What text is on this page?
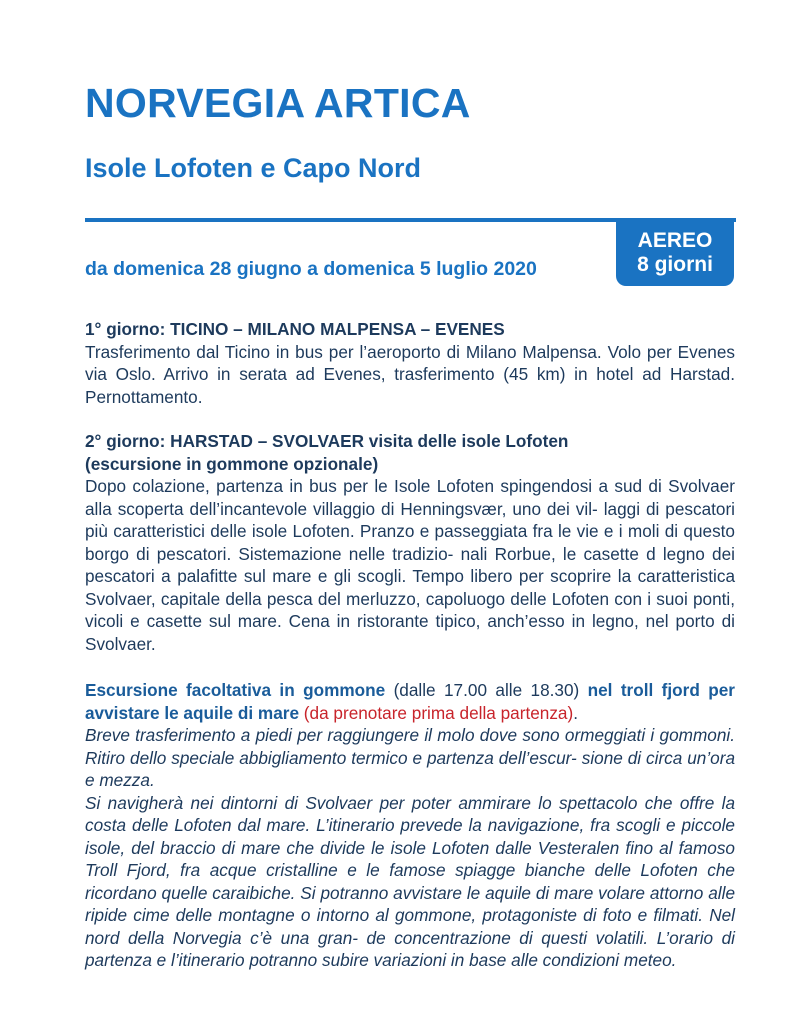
NORVEGIA ARTICA
Isole Lofoten e Capo Nord
AEREO
8 giorni
da domenica 28 giugno a domenica 5 luglio 2020

1° giorno: TICINO – MILANO MALPENSA – EVENES

Trasferimento dal Ticino in bus per l’aeroporto di Milano Malpensa. Volo per Evenes via Oslo. Arrivo in serata ad Evenes, trasferimento (45 km) in hotel ad Harstad. Pernottamento.

2° giorno: HARSTAD – SVOLVAER visita delle isole Lofoten
(escursione in gommone opzionale)

Dopo colazione, partenza in bus per le Isole Lofoten spingendosi a sud di Svolvaer alla scoperta dell’incantevole villaggio di Henningsvær, uno dei vil- laggi di pescatori più caratteristici delle isole Lofoten. Pranzo e passeggiata fra le vie e i moli di questo borgo di pescatori. Sistemazione nelle tradizio- nali Rorbue, le casette d legno dei pescatori a palafitte sul mare e gli scogli. Tempo libero per scoprire la caratteristica Svolvaer, capitale della pesca del merluzzo, capoluogo delle Lofoten con i suoi ponti, vicoli e casette sul mare. Cena in ristorante tipico, anch’esso in legno, nel porto di Svolvaer.

Escursione facoltativa in gommone (dalle 17.00 alle 18.30) nel troll fjord per avvistare le aquile di mare (da prenotare prima della partenza).

Breve trasferimento a piedi per raggiungere il molo dove sono ormeggiati i gommoni. Ritiro dello speciale abbigliamento termico e partenza dell’escur- sione di circa un’ora e mezza.

Si navigherà nei dintorni di Svolvaer per poter ammirare lo spettacolo che offre la costa delle Lofoten dal mare. L’itinerario prevede la navigazione, fra scogli e piccole isole, del braccio di mare che divide le isole Lofoten dalle Vesteralen fino al famoso Troll Fjord, fra acque cristalline e le famose spiagge bianche delle Lofoten che ricordano quelle caraibiche. Si potranno avvistare le aquile di mare volare attorno alle ripide cime delle montagne o intorno al gommone, protagoniste di foto e filmati. Nel nord della Norvegia c’è una gran- de concentrazione di questi volatili. L’orario di partenza e l’itinerario potranno subire variazioni in base alle condizioni meteo.
